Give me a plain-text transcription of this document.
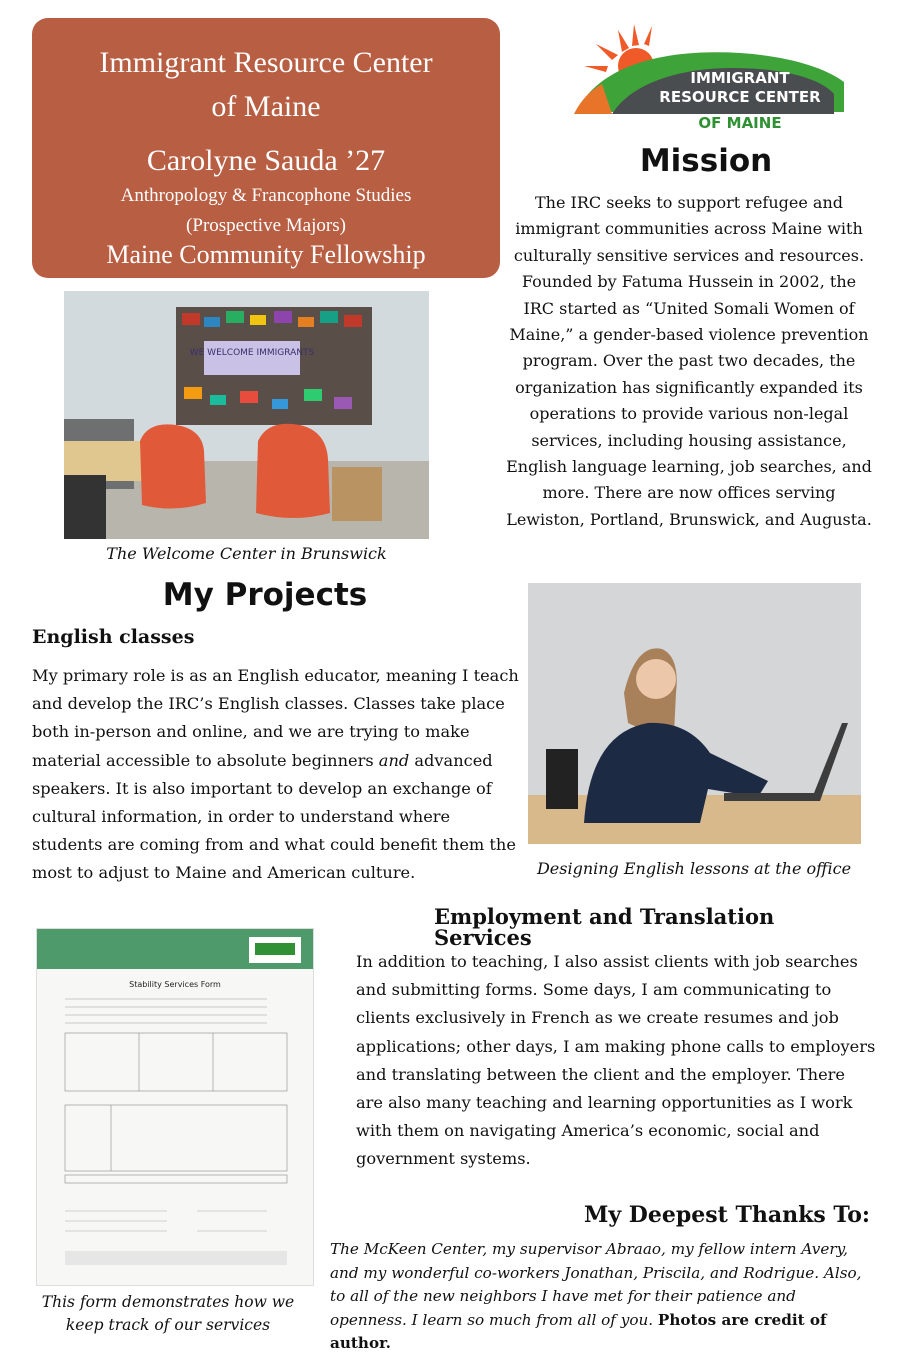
Immigrant Resource Center
of Maine
Carolyne Sauda ’27
Anthropology & Francophone Studies
(Prospective Majors)
Maine Community Fellowship
IMMIGRANT
RESOURCE CENTER
OF MAINE
Mission

The IRC seeks to support refugee and immigrant communities across Maine with culturally sensitive services and resources. Founded by Fatuma Hussein in 2002, the IRC started as “United Somali Women of Maine,” a gender-based violence prevention program. Over the past two decades, the organization has significantly expanded its operations to provide various non-legal services, including housing assistance, English language learning, job searches, and more. There are now offices serving Lewiston, Portland, Brunswick, and Augusta.

WE WELCOME IMMIGRANTS
The Welcome Center in Brunswick
My Projects
English classes

My primary role is as an English educator, meaning I teach and develop the IRC’s English classes. Classes take place both in-person and online, and we are trying to make material accessible to absolute beginners and advanced speakers. It is also important to develop an exchange of cultural information, in order to understand where students are coming from and what could benefit them the most to adjust to Maine and American culture.	Designing English lessons at the office
Employment and Translation Services

In addition to teaching, I also assist clients with job searches and submitting forms. Some days, I am communicating to clients exclusively in French as we create resumes and job applications; other days, I am making phone calls to employers and translating between the client and the employer. There are also many teaching and learning opportunities as I work with them on navigating America’s economic, social and government systems.

Stability Services Form
This form demonstrates how we keep track of our services
My Deepest Thanks To:

The McKeen Center, my supervisor Abraao, my fellow intern Avery, and my wonderful co-workers Jonathan, Priscila, and Rodrigue. Also, to all of the new neighbors I have met for their patience and openness. I learn so much from all of you. Photos are credit of author.
